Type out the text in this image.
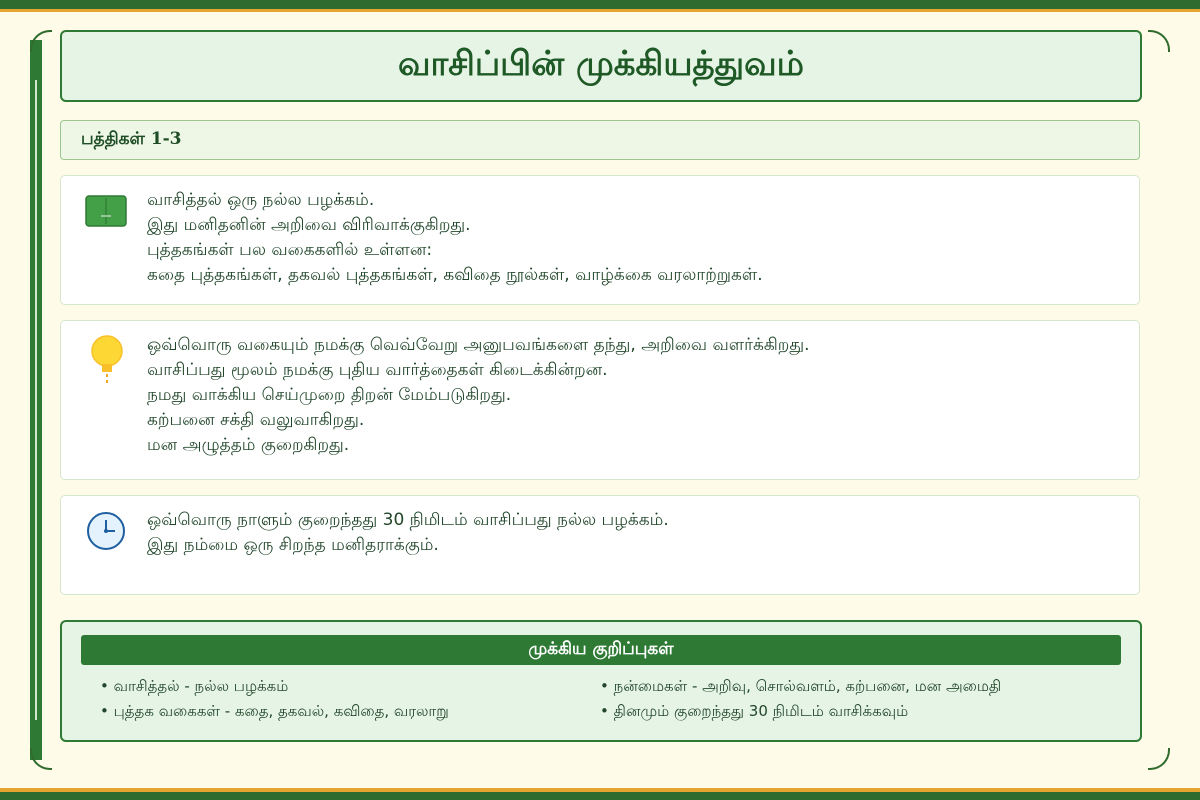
வாசிப்பின் முக்கியத்துவம்
பத்திகள் 1-3
வாசித்தல் ஒரு நல்ல பழக்கம்.
இது மனிதனின் அறிவை விரிவாக்குகிறது.
புத்தகங்கள் பல வகைகளில் உள்ளன:
கதை புத்தகங்கள், தகவல் புத்தகங்கள், கவிதை நூல்கள், வாழ்க்கை வரலாற்றுகள்.
ஒவ்வொரு வகையும் நமக்கு வெவ்வேறு அனுபவங்களை தந்து, அறிவை வளர்க்கிறது.
வாசிப்பது மூலம் நமக்கு புதிய வார்த்தைகள் கிடைக்கின்றன.
நமது வாக்கிய செய்முறை திறன் மேம்படுகிறது.
கற்பனை சக்தி வலுவாகிறது.
மன அழுத்தம் குறைகிறது.
ஒவ்வொரு நாளும் குறைந்தது 30 நிமிடம் வாசிப்பது நல்ல பழக்கம்.
இது நம்மை ஒரு சிறந்த மனிதராக்கும்.
முக்கிய குறிப்புகள்
• வாசித்தல் - நல்ல பழக்கம்
• புத்தக வகைகள் - கதை, தகவல், கவிதை, வரலாறு
• நன்மைகள் - அறிவு, சொல்வளம், கற்பனை, மன அமைதி
• தினமும் குறைந்தது 30 நிமிடம் வாசிக்கவும்
